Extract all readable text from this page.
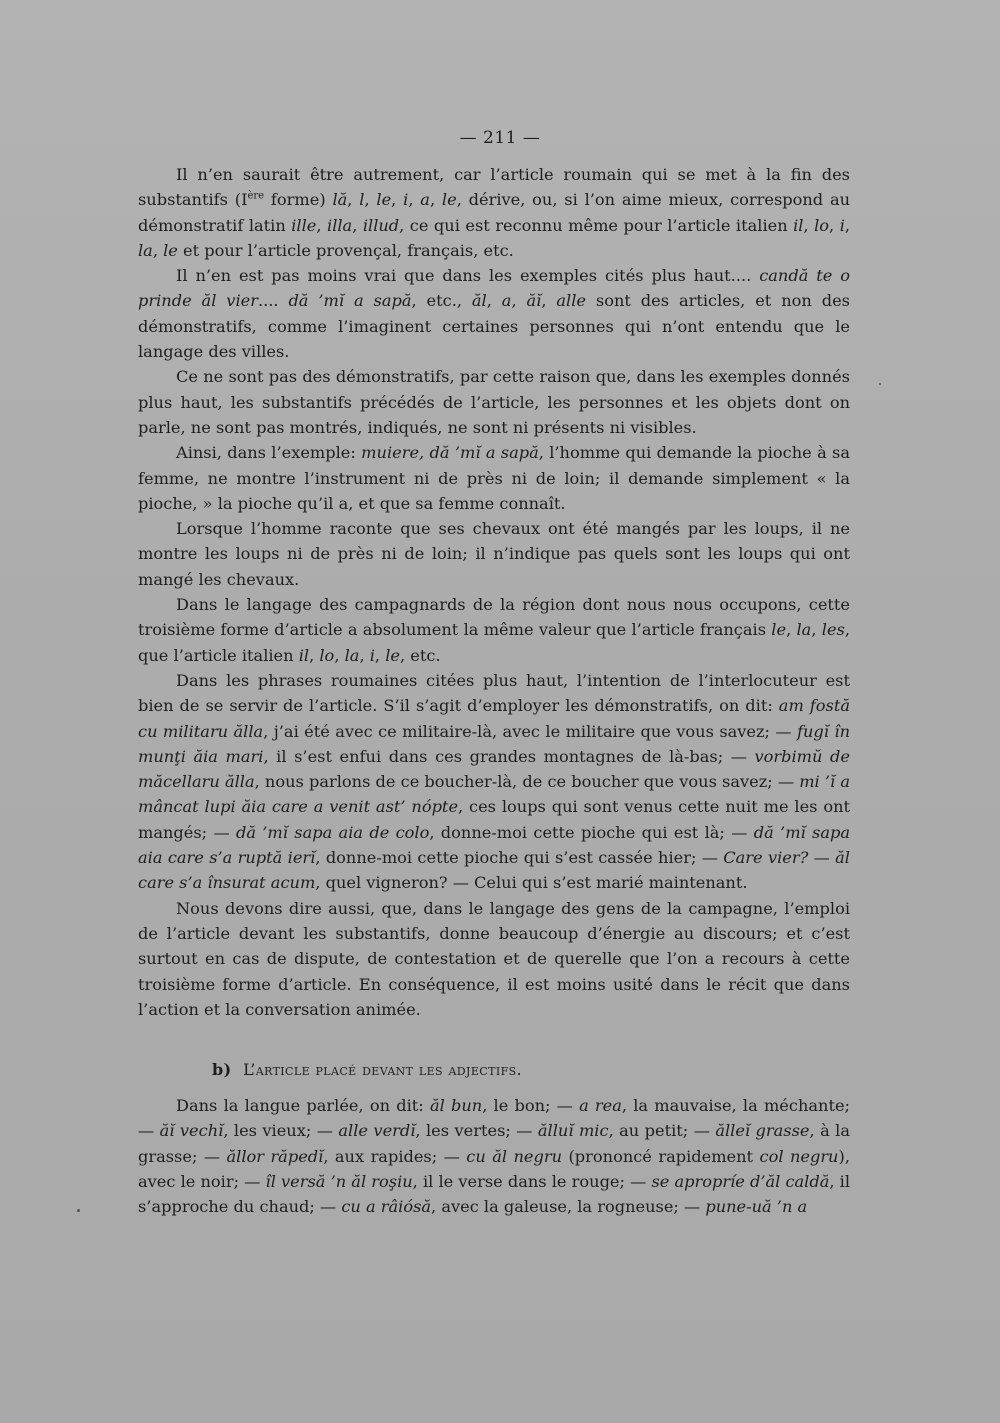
— 211 —

Il n’en saurait être autrement, car l’article roumain qui se met à la fin des substantifs (Ière forme) lă, l, le, i, a, le, dérive, ou, si l’on aime mieux, correspond au démonstratif latin ille, illa, illud, ce qui est reconnu même pour l’article italien il, lo, i, la, le et pour l’article provençal, français, etc.

Il n’en est pas moins vrai que dans les exemples cités plus haut.... candă te o prinde ăl vier.... dă ’mĭ a sapă, etc., ăl, a, ăĭ, alle sont des articles, et non des démonstratifs, comme l’imaginent certaines personnes qui n’ont entendu que le langage des villes.

Ce ne sont pas des démonstratifs, par cette raison que, dans les exemples donnés plus haut, les substantifs précédés de l’article, les personnes et les objets dont on parle, ne sont pas montrés, indiqués, ne sont ni présents ni visibles.

Ainsi, dans l’exemple: muiere, dă ’mĭ a sapă, l’homme qui demande la pioche à sa femme, ne montre l’instrument ni de près ni de loin; il demande simplement « la pioche, » la pioche qu’il a, et que sa femme connaît.

Lorsque l’homme raconte que ses chevaux ont été mangés par les loups, il ne montre les loups ni de près ni de loin; il n’indique pas quels sont les loups qui ont mangé les chevaux.

Dans le langage des campagnards de la région dont nous nous occupons, cette troisième forme d’article a absolument la même valeur que l’article français le, la, les, que l’article italien il, lo, la, i, le, etc.

Dans les phrases roumaines citées plus haut, l’intention de l’interlocuteur est bien de se servir de l’article. S’il s’agit d’employer les démonstratifs, on dit: am fostă cu militaru ălla, j’ai été avec ce militaire-là, avec le militaire que vous savez; — fugĭ în munţi ăia mari, il s’est enfui dans ces grandes montagnes de là-bas; — vorbimŭ de măcellaru ălla, nous parlons de ce boucher-là, de ce boucher que vous savez; — mi ’ĭ a mâncat lupi ăia care a venit ast’ nópte, ces loups qui sont venus cette nuit me les ont mangés; — dă ’mĭ sapa aia de colo, donne-moi cette pioche qui est là; — dă ’mĭ sapa aia care s’a ruptă ierĭ, donne-moi cette pioche qui s’est cassée hier; — Care vier? — ăl care s’a însurat acum, quel vigneron? — Celui qui s’est marié maintenant.

Nous devons dire aussi, que, dans le langage des gens de la campagne, l’emploi de l’article devant les substantifs, donne beaucoup d’énergie au discours; et c’est surtout en cas de dispute, de contestation et de querelle que l’on a recours à cette troisième forme d’article. En conséquence, il est moins usité dans le récit que dans l’action et la conversation animée.

b) L’article placé devant les adjectifs.

Dans la langue parlée, on dit: ăl bun, le bon; — a rea, la mauvaise, la méchante; — ăĭ vechĭ, les vieux; — alle verdĭ, les vertes; — ălluĭ mic, au petit; — ălleĭ grasse, à la grasse; — ăllor răpedĭ, aux rapides; — cu ăl negru (prononcé rapidement col negru), avec le noir; — îl versă ’n ăl roşiu, il le verse dans le rouge; — se apropríe d’ăl caldă, il s’approche du chaud; — cu a râiósă, avec la galeuse, la rogneuse; — pune-uă ’n a
